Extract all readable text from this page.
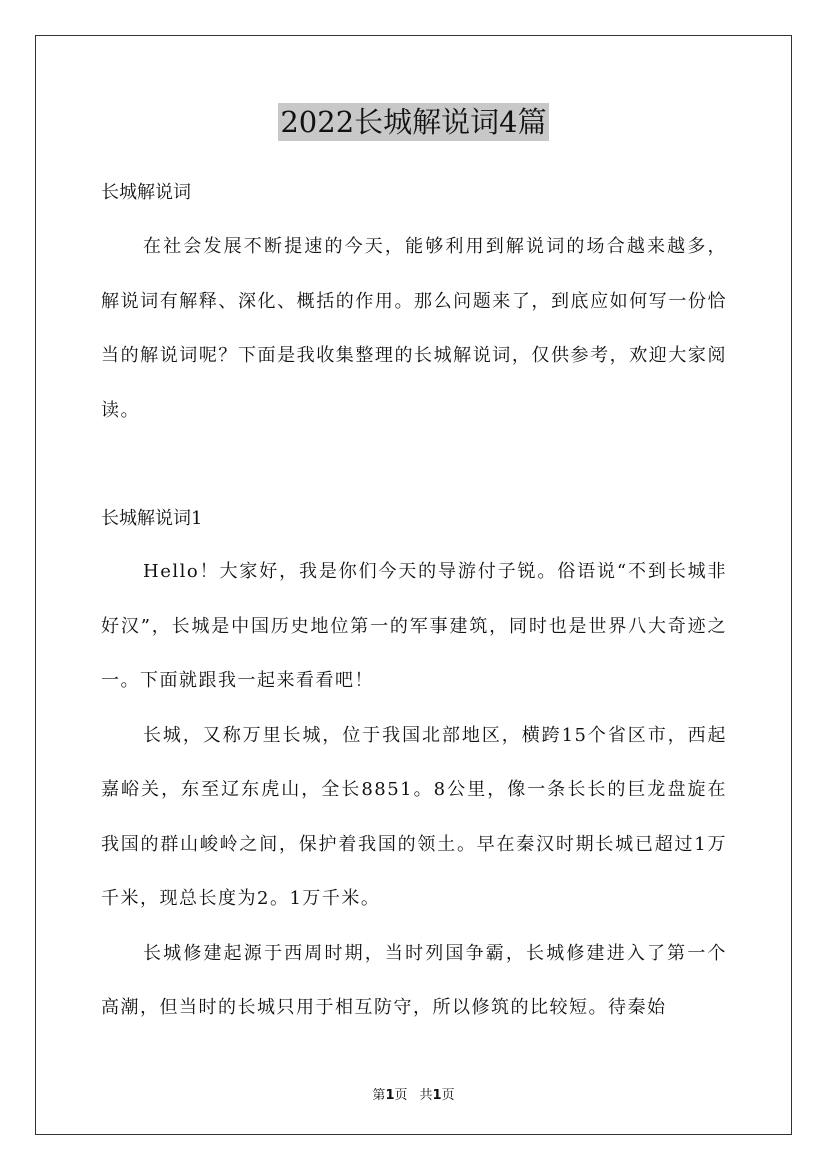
2022长城解说词4篇

长城解说词

在社会发展不断提速的今天，能够利用到解说词的场合越来越多，解说词有解释、深化、概括的作用。那么问题来了，到底应如何写一份恰当的解说词呢？下面是我收集整理的长城解说词，仅供参考，欢迎大家阅读。

长城解说词1

Hello！大家好，我是你们今天的导游付子锐。俗语说“不到长城非好汉”，长城是中国历史地位第一的军事建筑，同时也是世界八大奇迹之一。下面就跟我一起来看看吧！

长城，又称万里长城，位于我国北部地区，横跨15个省区市，西起嘉峪关，东至辽东虎山，全长8851。8公里，像一条长长的巨龙盘旋在我国的群山峻岭之间，保护着我国的领土。早在秦汉时期长城已超过1万千米，现总长度为2。1万千米。

长城修建起源于西周时期，当时列国争霸，长城修建进入了第一个高潮，但当时的长城只用于相互防守，所以修筑的比较短。待秦始

第1页 共1页
